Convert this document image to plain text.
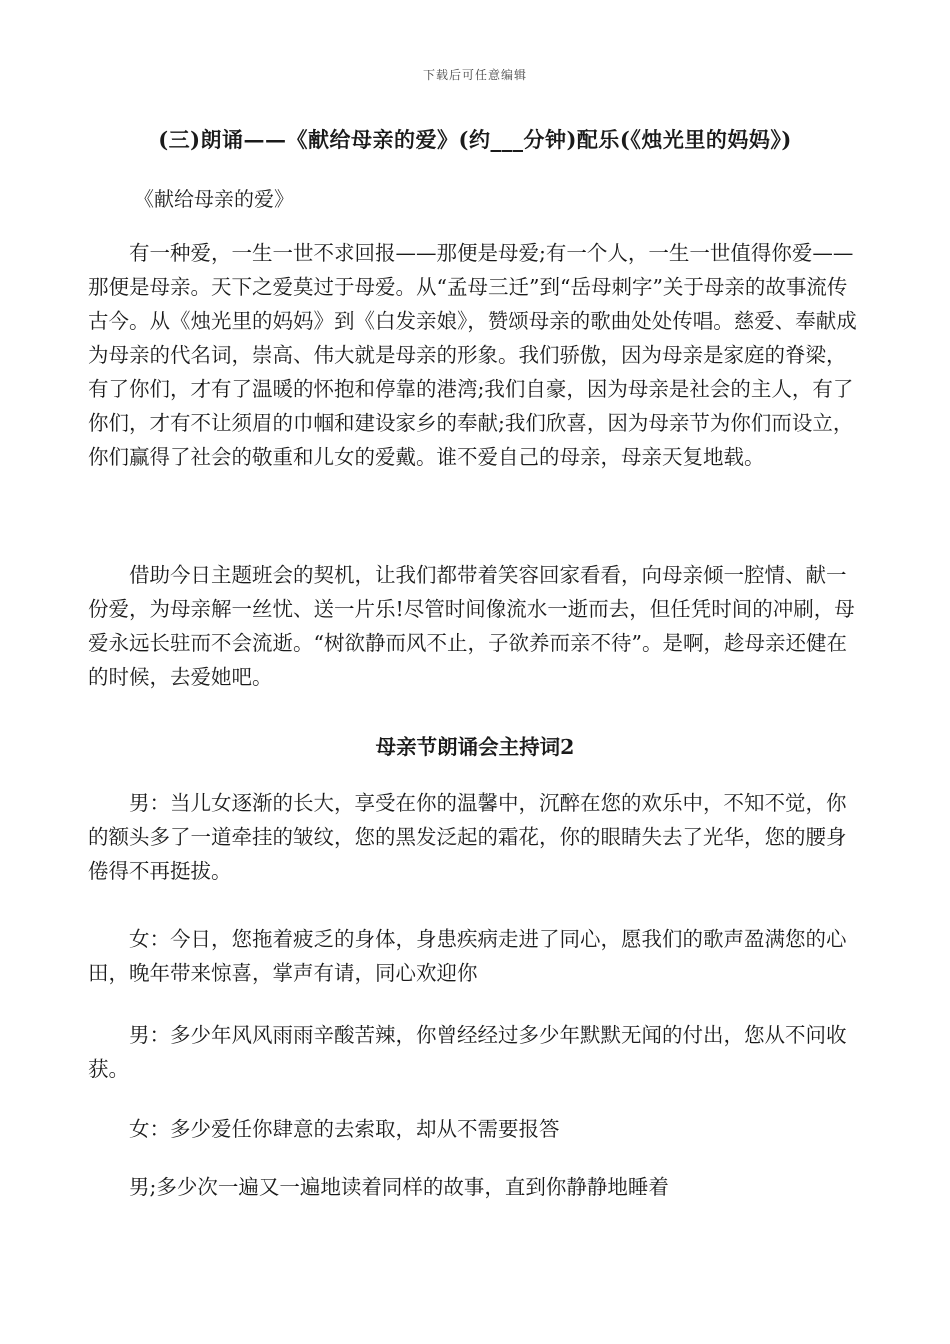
下载后可任意编辑
(三)朗诵——《献给母亲的爱》(约___分钟)配乐(《烛光里的妈妈》)
《献给母亲的爱》

有一种爱，一生一世不求回报——那便是母爱;有一个人，一生一世值得你爱——那便是母亲。天下之爱莫过于母爱。从“孟母三迁”到“岳母刺字”关于母亲的故事流传古今。从《烛光里的妈妈》到《白发亲娘》，赞颂母亲的歌曲处处传唱。慈爱、奉献成为母亲的代名词，崇高、伟大就是母亲的形象。我们骄傲，因为母亲是家庭的脊梁，有了你们，才有了温暖的怀抱和停靠的港湾;我们自豪，因为母亲是社会的主人，有了你们，才有不让须眉的巾帼和建设家乡的奉献;我们欣喜，因为母亲节为你们而设立，你们赢得了社会的敬重和儿女的爱戴。谁不爱自己的母亲，母亲天复地载。

借助今日主题班会的契机，让我们都带着笑容回家看看，向母亲倾一腔情、献一份爱，为母亲解一丝忧、送一片乐!尽管时间像流水一逝而去，但任凭时间的冲刷，母爱永远长驻而不会流逝。“树欲静而风不止，子欲养而亲不待”。是啊，趁母亲还健在的时候，去爱她吧。

母亲节朗诵会主持词2

男：当儿女逐渐的长大，享受在你的温馨中，沉醉在您的欢乐中，不知不觉，你的额头多了一道牵挂的皱纹，您的黑发泛起的霜花，你的眼睛失去了光华，您的腰身倦得不再挺拔。

女：今日，您拖着疲乏的身体，身患疾病走进了同心，愿我们的歌声盈满您的心田，晚年带来惊喜，掌声有请，同心欢迎你

男：多少年风风雨雨辛酸苦辣，你曾经经过多少年默默无闻的付出，您从不问收获。

女：多少爱任你肆意的去索取，却从不需要报答

男;多少次一遍又一遍地读着同样的故事，直到你静静地睡着
